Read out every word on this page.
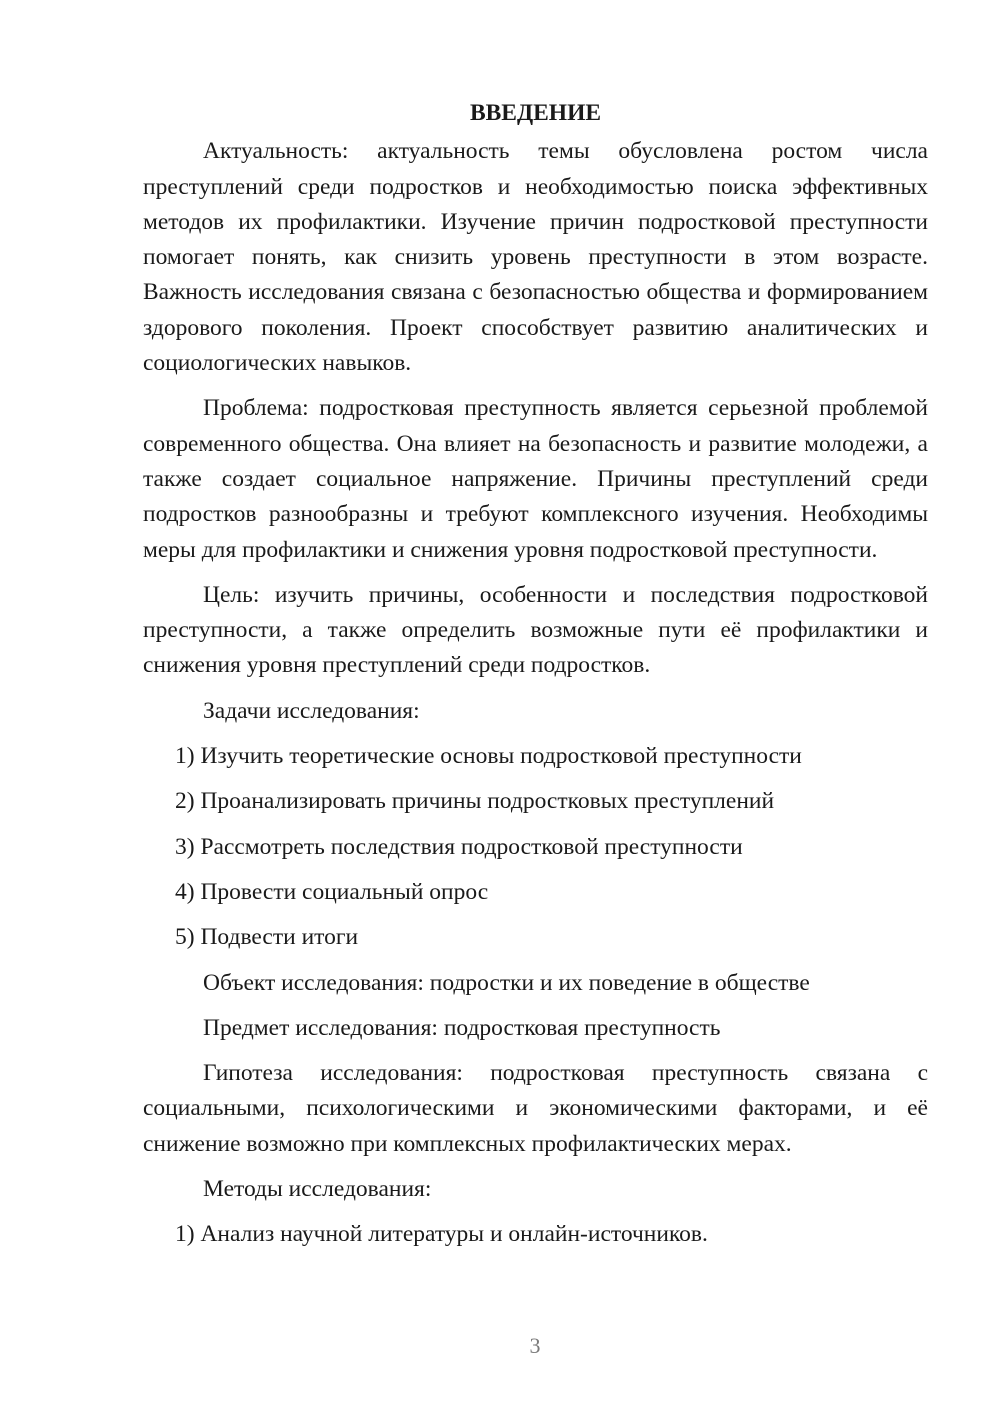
ВВЕДЕНИЕ

Актуальность: актуальность темы обусловлена ростом числа преступлений среди подростков и необходимостью поиска эффективных методов их профилактики. Изучение причин подростковой преступности помогает понять, как снизить уровень преступности в этом возрасте. Важность исследования связана с безопасностью общества и формированием здорового поколения. Проект способствует развитию аналитических и социологических навыков.

Проблема: подростковая преступность является серьезной проблемой современного общества. Она влияет на безопасность и развитие молодежи, а также создает социальное напряжение. Причины преступлений среди подростков разнообразны и требуют комплексного изучения. Необходимы меры для профилактики и снижения уровня подростковой преступности.

Цель: изучить причины, особенности и последствия подростковой преступности, а также определить возможные пути её профилактики и снижения уровня преступлений среди подростков.

Задачи исследования:

1) Изучить теоретические основы подростковой преступности

2) Проанализировать причины подростковых преступлений

3) Рассмотреть последствия подростковой преступности

4) Провести социальный опрос

5) Подвести итоги

Объект исследования: подростки и их поведение в обществе

Предмет исследования: подростковая преступность

Гипотеза исследования: подростковая преступность связана с социальными, психологическими и экономическими факторами, и её снижение возможно при комплексных профилактических мерах.

Методы исследования:

1) Анализ научной литературы и онлайн-источников.

3
